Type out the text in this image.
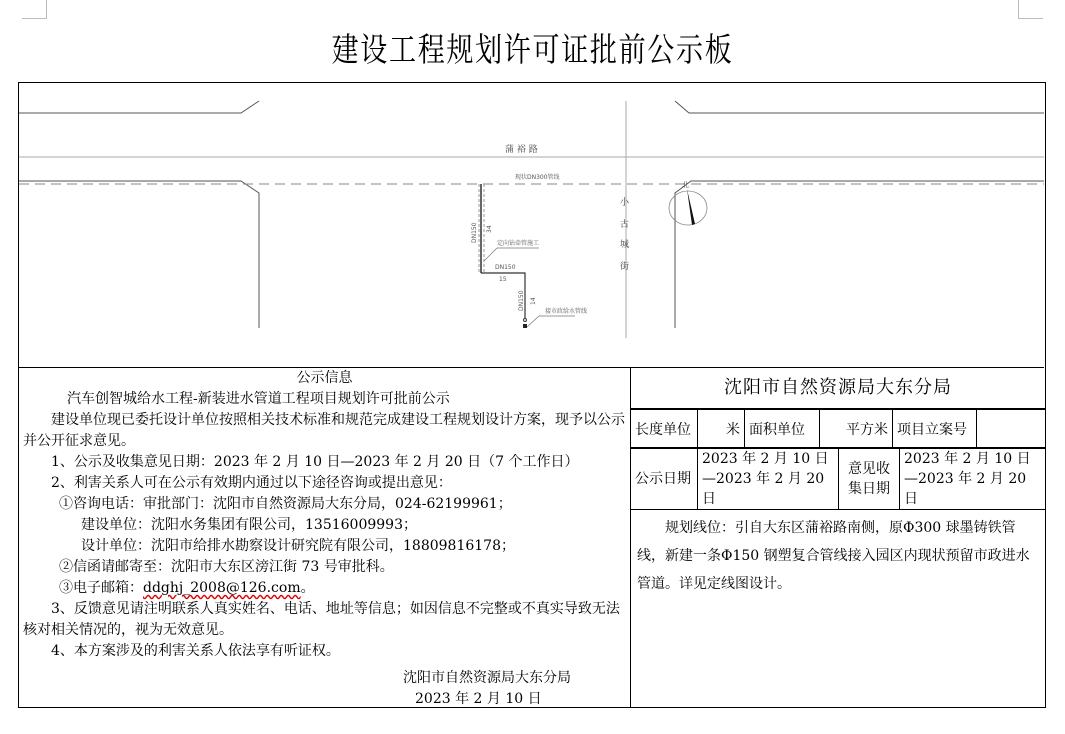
建设工程规划许可证批前公示板
现状DN300管线
蒲 裕 路
小
古
城
街
DN150 34
DN150
15
DN150 14
定向钻牵管施工
接市政给水管线
北

公示信息

汽车创智城给水工程-新装进水管道工程项目规划许可批前公示

建设单位现已委托设计单位按照相关技术标准和规范完成建设工程规划设计方案，现予以公示并公开征求意见。

1、公示及收集意见日期：2023 年 2 月 10 日—2023 年 2 月 20 日（7 个工作日）

2、利害关系人可在公示有效期内通过以下途径咨询或提出意见：

①咨询电话：审批部门：沈阳市自然资源局大东分局，024-62199961；

建设单位：沈阳水务集团有限公司，13516009993；

设计单位：沈阳市给排水勘察设计研究院有限公司，18809816178；

②信函请邮寄至：沈阳市大东区滂江街 73 号审批科。

③电子邮箱：ddghj_2008@126.com。

3、反馈意见请注明联系人真实姓名、电话、地址等信息；如因信息不完整或不真实导致无法核对相关情况的，视为无效意见。

4、本方案涉及的利害关系人依法享有听证权。

沈阳市自然资源局大东分局

2023 年 2 月 10 日

沈阳市自然资源局大东分局
长度单位	米	面积单位	平方米	项目立案号	
公示日期	2023 年 2 月 10 日—2023 年 2 月 20 日	意见收集日期	2023 年 2 月 10 日—2023 年 2 月 20 日
规划线位：引自大东区蒲裕路南侧，原Φ300 球墨铸铁管线，新建一条Φ150 钢塑复合管线接入园区内现状预留市政进水管道。详见定线图设计。
